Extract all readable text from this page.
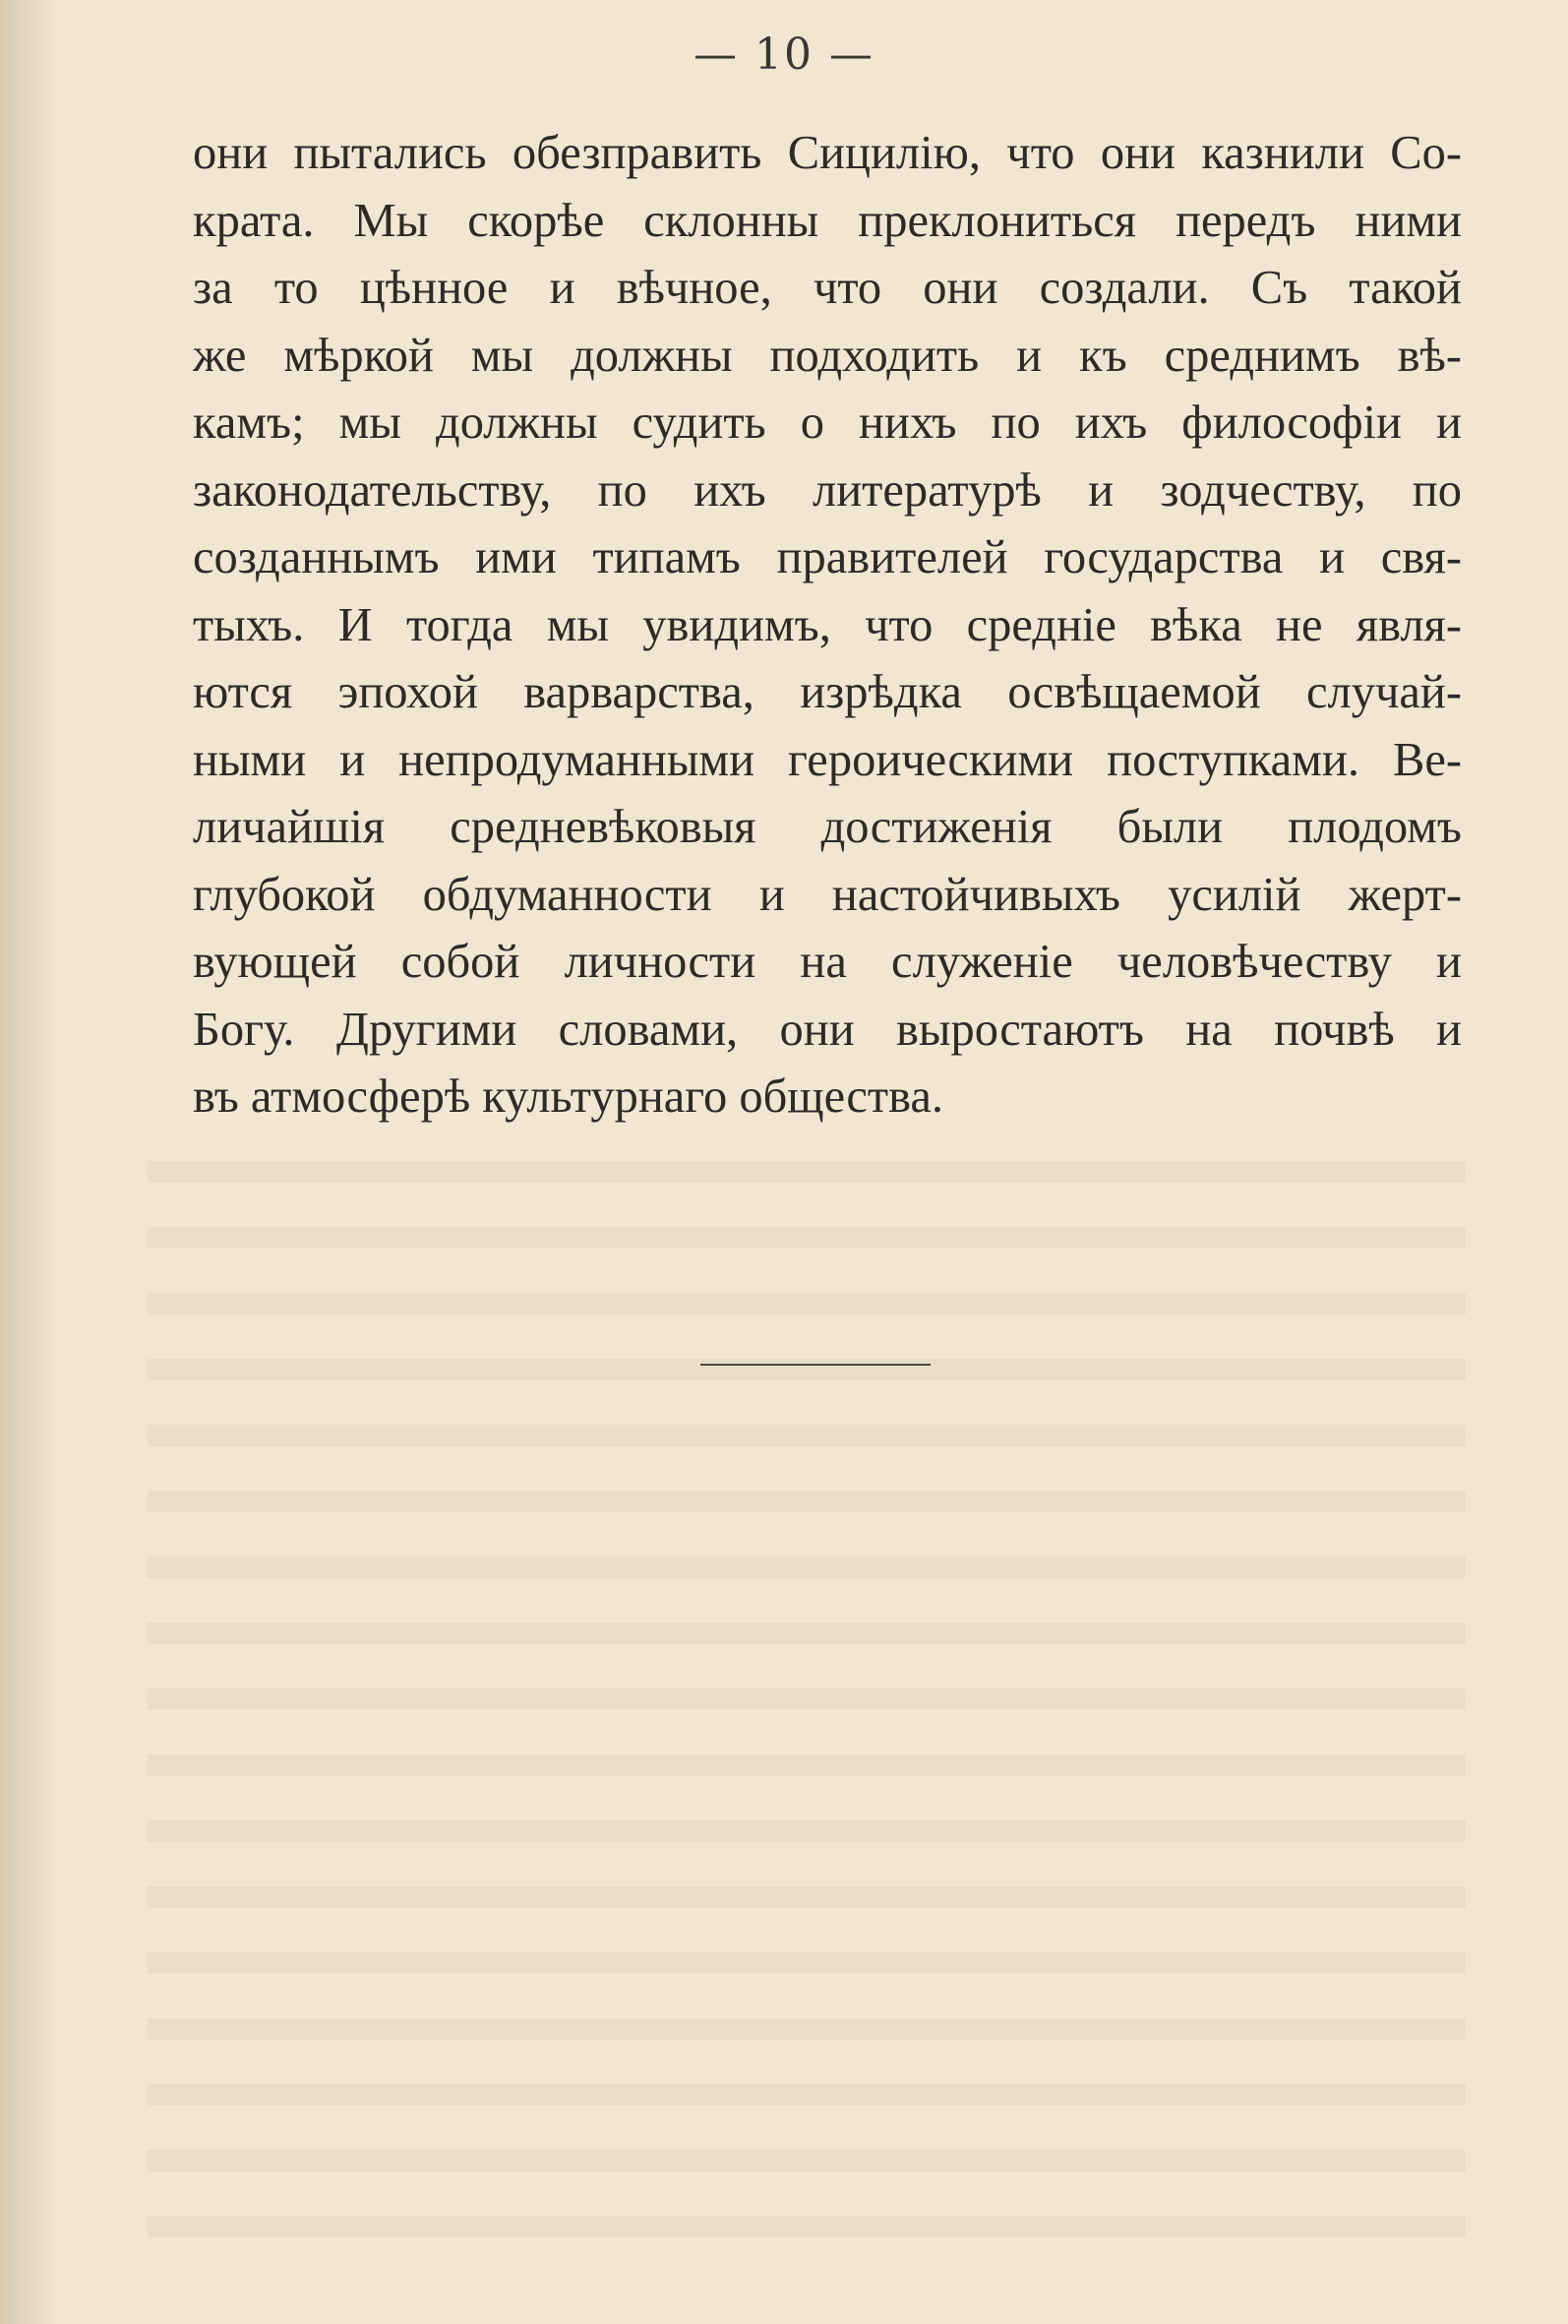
— 10 —
они пытались обезправить Сицилію, что они казнили Со-
крата. Мы скорѣе склонны преклониться передъ ними
за то цѣнное и вѣчное, что они создали. Съ такой
же мѣркой мы должны подходить и къ среднимъ вѣ-
камъ; мы должны судить о нихъ по ихъ философіи и
законодательству, по ихъ литературѣ и зодчеству, по
созданнымъ ими типамъ правителей государства и свя-
тыхъ. И тогда мы увидимъ, что средніе вѣка не явля-
ются эпохой варварства, изрѣдка освѣщаемой случай-
ными и непродуманными героическими поступками. Ве-
личайшія средневѣковыя достиженія были плодомъ
глубокой обдуманности и настойчивыхъ усилій жерт-
вующей собой личности на служеніе человѣчеству и
Богу. Другими словами, они выростаютъ на почвѣ и
въ атмосферѣ культурнаго общества.
